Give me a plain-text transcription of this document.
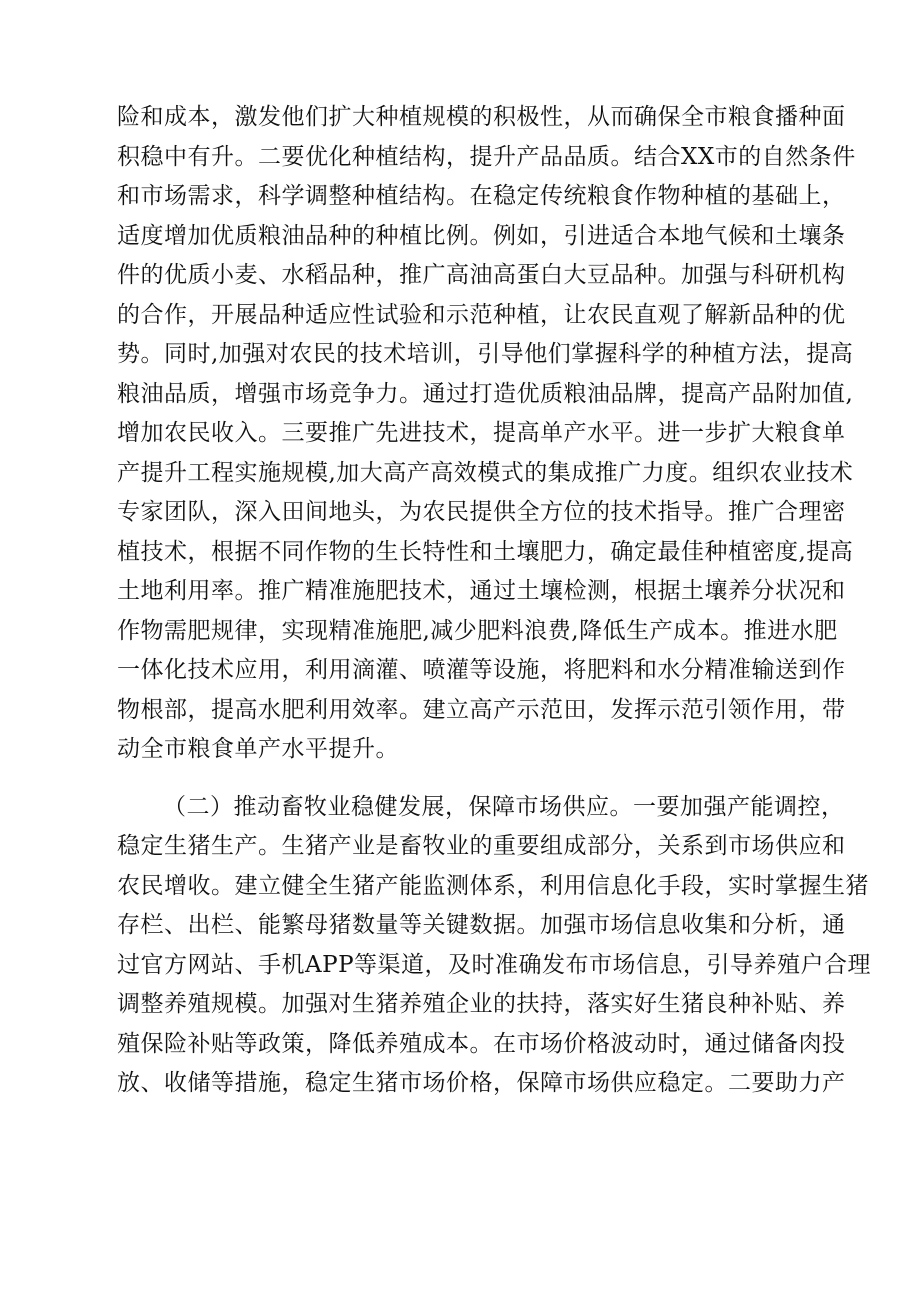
险和成本，激发他们扩大种植规模的积极性，从而确保全市粮食播种面
积稳中有升。二要优化种植结构，提升产品品质。结合XX市的自然条件
和市场需求，科学调整种植结构。在稳定传统粮食作物种植的基础上，
适度增加优质粮油品种的种植比例。例如，引进适合本地气候和土壤条
件的优质小麦、水稻品种，推广高油高蛋白大豆品种。加强与科研机构
的合作，开展品种适应性试验和示范种植，让农民直观了解新品种的优
势。同时,加强对农民的技术培训，引导他们掌握科学的种植方法，提高
粮油品质，增强市场竞争力。通过打造优质粮油品牌，提高产品附加值,
增加农民收入。三要推广先进技术，提高单产水平。进一步扩大粮食单
产提升工程实施规模,加大高产高效模式的集成推广力度。组织农业技术
专家团队，深入田间地头，为农民提供全方位的技术指导。推广合理密
植技术，根据不同作物的生长特性和土壤肥力，确定最佳种植密度,提高
土地利用率。推广精准施肥技术，通过土壤检测，根据土壤养分状况和
作物需肥规律，实现精准施肥,减少肥料浪费,降低生产成本。推进水肥
一体化技术应用，利用滴灌、喷灌等设施，将肥料和水分精准输送到作
物根部，提高水肥利用效率。建立高产示范田，发挥示范引领作用，带
动全市粮食单产水平提升。
（二）推动畜牧业稳健发展，保障市场供应。一要加强产能调控，
稳定生猪生产。生猪产业是畜牧业的重要组成部分，关系到市场供应和
农民增收。建立健全生猪产能监测体系，利用信息化手段，实时掌握生猪
存栏、出栏、能繁母猪数量等关键数据。加强市场信息收集和分析，通
过官方网站、手机APP等渠道，及时准确发布市场信息，引导养殖户合理
调整养殖规模。加强对生猪养殖企业的扶持，落实好生猪良种补贴、养
殖保险补贴等政策，降低养殖成本。在市场价格波动时，通过储备肉投
放、收储等措施，稳定生猪市场价格，保障市场供应稳定。二要助力产
